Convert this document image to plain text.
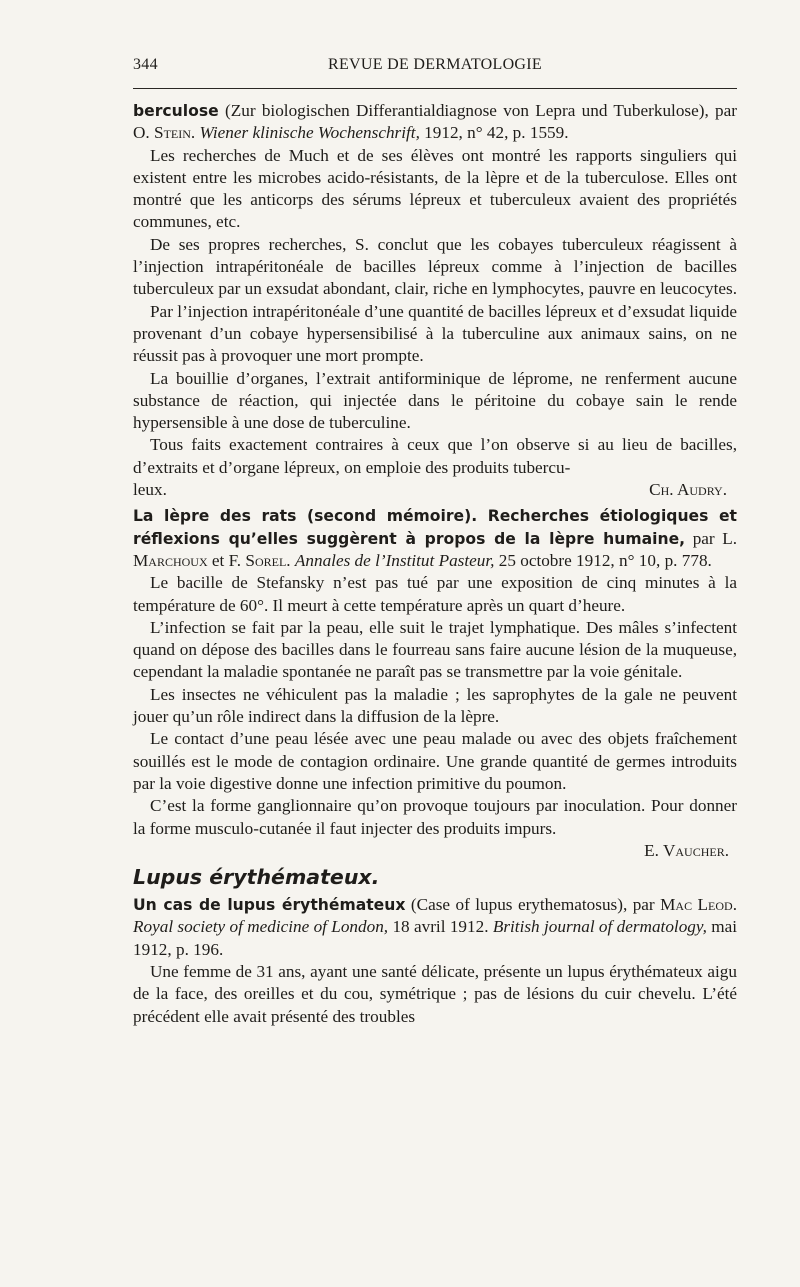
344	REVUE DE DERMATOLOGIE

berculose (Zur biologischen Differantialdiagnose von Lepra und Tuberkulose), par O. Stein. Wiener klinische Wochenschrift, 1912, n° 42, p. 1559.

Les recherches de Much et de ses élèves ont montré les rapports singuliers qui existent entre les microbes acido-résistants, de la lèpre et de la tuberculose. Elles ont montré que les anticorps des sérums lépreux et tuberculeux avaient des propriétés communes, etc.

De ses propres recherches, S. conclut que les cobayes tuberculeux réagissent à l’injection intrapéritonéale de bacilles lépreux comme à l’injection de bacilles tuberculeux par un exsudat abondant, clair, riche en lymphocytes, pauvre en leucocytes.

Par l’injection intrapéritonéale d’une quantité de bacilles lépreux et d’exsudat liquide provenant d’un cobaye hypersensibilisé à la tuberculine aux animaux sains, on ne réussit pas à provoquer une mort prompte.

La bouillie d’organes, l’extrait antiforminique de léprome, ne renferment aucune substance de réaction, qui injectée dans le péritoine du cobaye sain le rende hypersensible à une dose de tuberculine.

Tous faits exactement contraires à ceux que l’on observe si au lieu de bacilles, d’extraits et d’organe lépreux, on emploie des produits tubercu-

leux.	Ch. Audry.

La lèpre des rats (second mémoire). Recherches étiologiques et réflexions qu’elles suggèrent à propos de la lèpre humaine, par L. Marchoux et F. Sorel. Annales de l’Institut Pasteur, 25 octobre 1912, n° 10, p. 778.

Le bacille de Stefansky n’est pas tué par une exposition de cinq minutes à la température de 60°. Il meurt à cette température après un quart d’heure.

L’infection se fait par la peau, elle suit le trajet lymphatique. Des mâles s’infectent quand on dépose des bacilles dans le fourreau sans faire aucune lésion de la muqueuse, cependant la maladie spontanée ne paraît pas se transmettre par la voie génitale.

Les insectes ne véhiculent pas la maladie ; les saprophytes de la gale ne peuvent jouer qu’un rôle indirect dans la diffusion de la lèpre.

Le contact d’une peau lésée avec une peau malade ou avec des objets fraîchement souillés est le mode de contagion ordinaire. Une grande quantité de germes introduits par la voie digestive donne une infection primitive du poumon.

C’est la forme ganglionnaire qu’on provoque toujours par inoculation. Pour donner la forme musculo-cutanée il faut injecter des produits impurs.

E. Vaucher.

Lupus érythémateux.

Un cas de lupus érythémateux (Case of lupus erythematosus), par Mac Leod. Royal society of medicine of London, 18 avril 1912. British journal of dermatology, mai 1912, p. 196.

Une femme de 31 ans, ayant une santé délicate, présente un lupus érythémateux aigu de la face, des oreilles et du cou, symétrique ; pas de lésions du cuir chevelu. L’été précédent elle avait présenté des troubles
